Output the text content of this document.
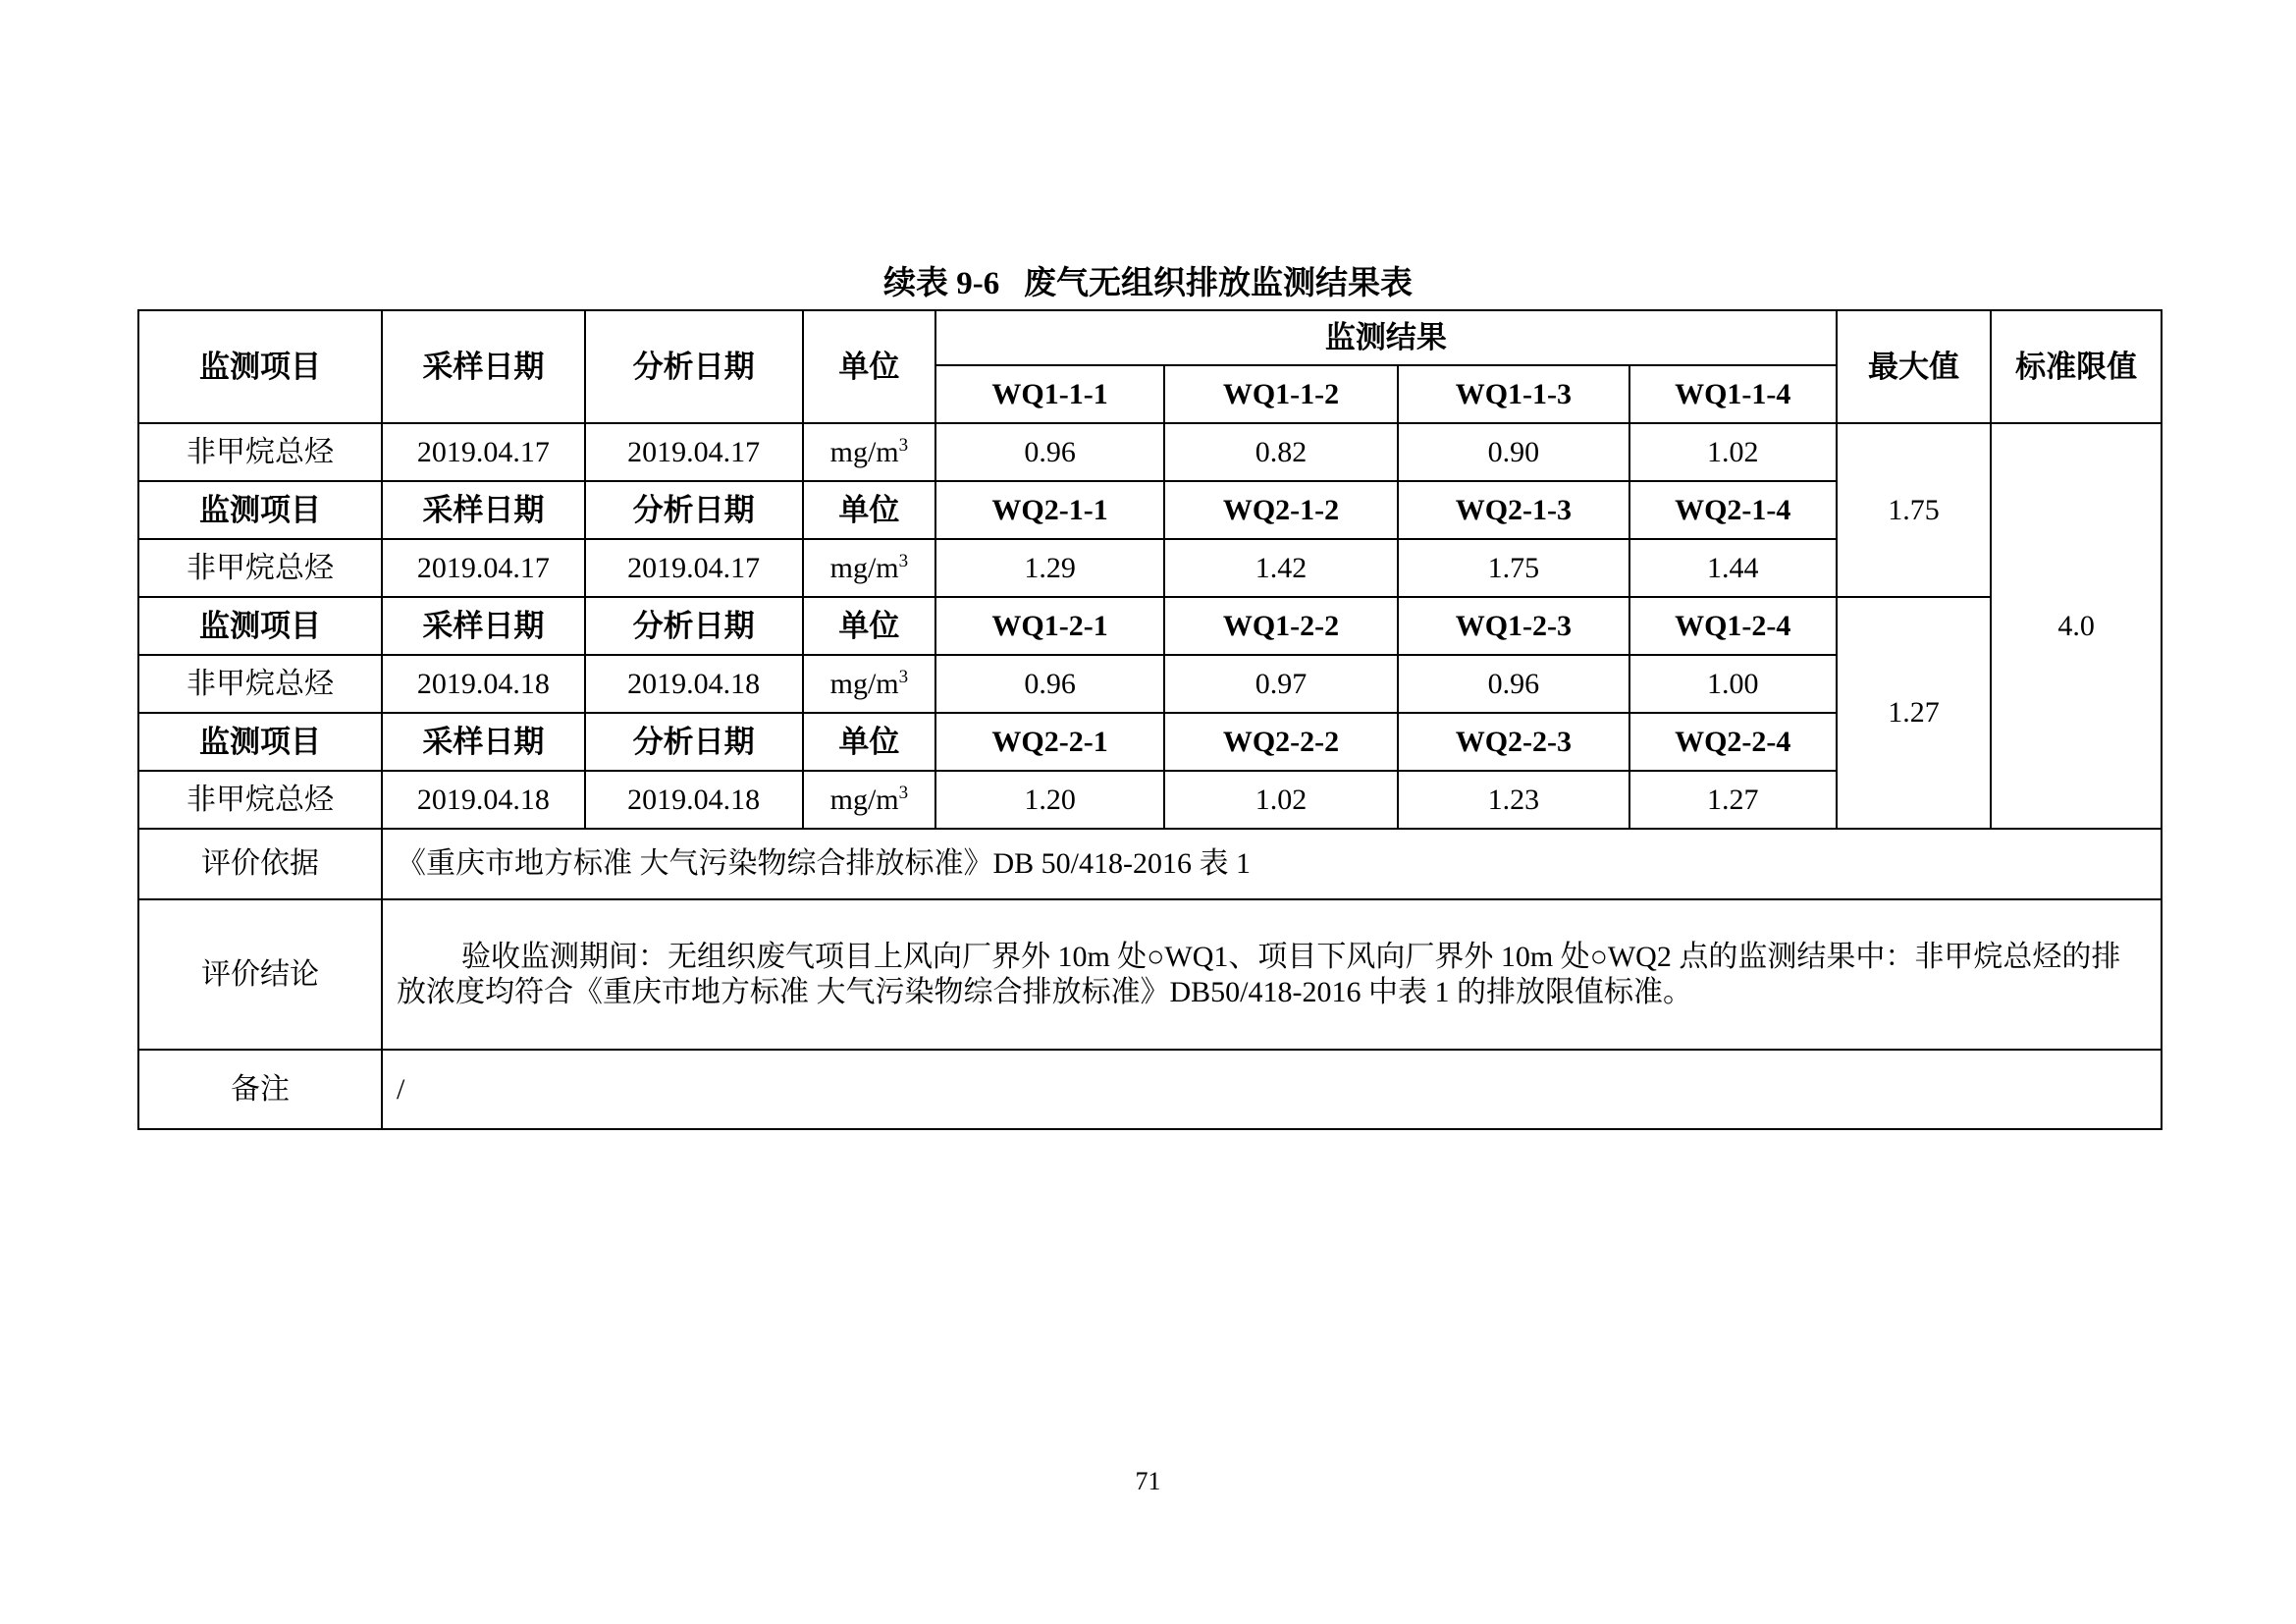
续表 9-6   废气无组织排放监测结果表
监测项目	采样日期	分析日期	单位	监测结果				最大值	标准限值
				WQ1-1-1	WQ1-1-2	WQ1-1-3	WQ1-1-4		
非甲烷总烃	2019.04.17	2019.04.17	$mg/m^3$	0.96	0.82	0.90	1.02	1.75	4.0
监测项目	采样日期	分析日期	单位	WQ2-1-1	WQ2-1-2	WQ2-1-3	WQ2-1-4		
非甲烷总烃	2019.04.17	2019.04.17	$mg/m^3$	1.29	1.42	1.75	1.44		
监测项目	采样日期	分析日期	单位	WQ1-2-1	WQ1-2-2	WQ1-2-3	WQ1-2-4	1.27	
非甲烷总烃	2019.04.18	2019.04.18	$mg/m^3$	0.96	0.97	0.96	1.00		
监测项目	采样日期	分析日期	单位	WQ2-2-1	WQ2-2-2	WQ2-2-3	WQ2-2-4		
非甲烷总烃	2019.04.18	2019.04.18	$mg/m^3$	1.20	1.02	1.23	1.27		
评价依据	《重庆市地方标准 大气污染物综合排放标准》DB 50/418-2016 表 1								
评价结论	验收监测期间：无组织废气项目上风向厂界外 10m 处○WQ1、项目下风向厂界外 10m 处○WQ2 点的监测结果中：非甲烷总烃的排放浓度均符合《重庆市地方标准 大气污染物综合排放标准》DB50/418-2016 中表 1 的排放限值标准。								
备注	/								
71
